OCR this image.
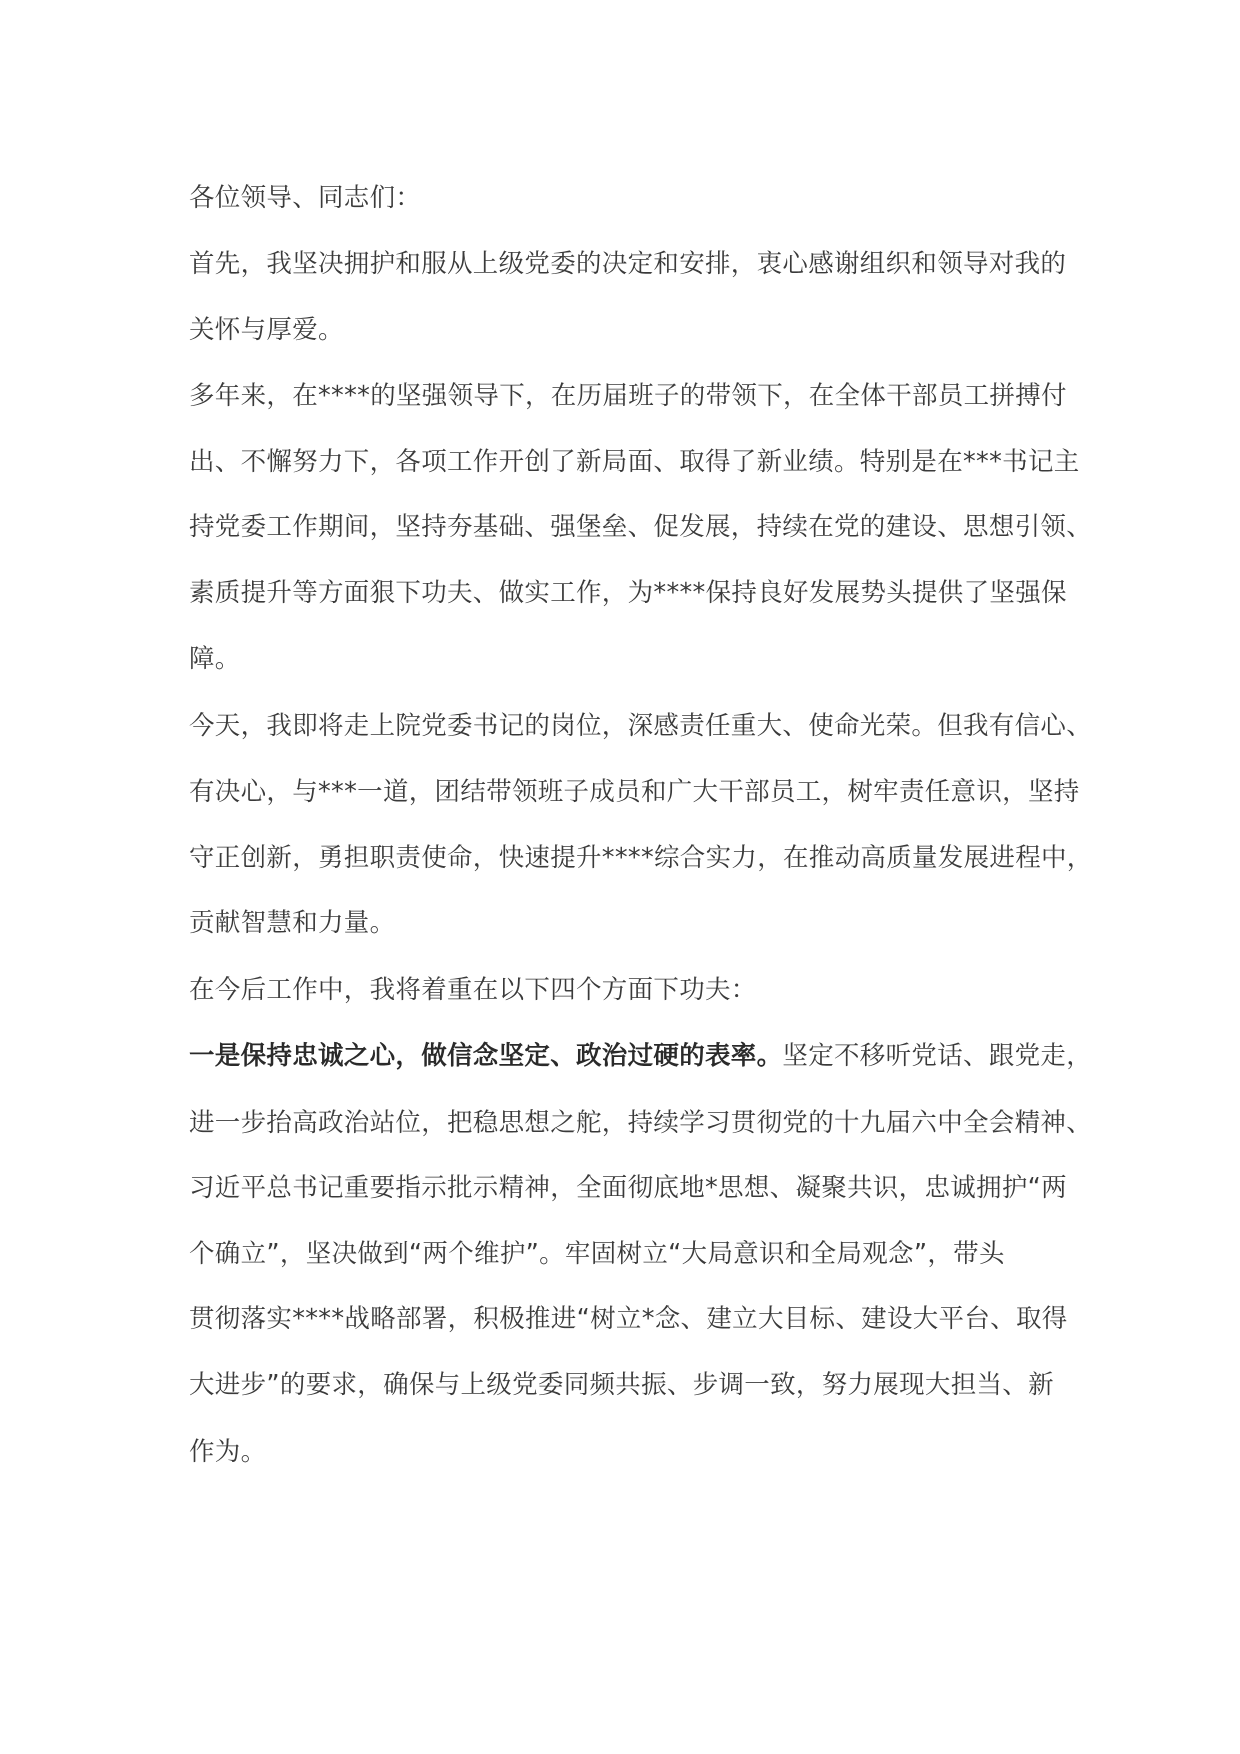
各位领导、同志们：
首先，我坚决拥护和服从上级党委的决定和安排，衷心感谢组织和领导对我的
关怀与厚爱。
多年来，在****的坚强领导下，在历届班子的带领下，在全体干部员工拼搏付
出、不懈努力下，各项工作开创了新局面、取得了新业绩。特别是在***书记主
持党委工作期间，坚持夯基础、强堡垒、促发展，持续在党的建设、思想引领、
素质提升等方面狠下功夫、做实工作，为****保持良好发展势头提供了坚强保
障。
今天，我即将走上院党委书记的岗位，深感责任重大、使命光荣。但我有信心、
有决心，与***一道，团结带领班子成员和广大干部员工，树牢责任意识，坚持
守正创新，勇担职责使命，快速提升****综合实力，在推动高质量发展进程中，
贡献智慧和力量。
在今后工作中，我将着重在以下四个方面下功夫：
一是保持忠诚之心，做信念坚定、政治过硬的表率。坚定不移听党话、跟党走，
进一步抬高政治站位，把稳思想之舵，持续学习贯彻党的十九届六中全会精神、
习近平总书记重要指示批示精神，全面彻底地*思想、凝聚共识，忠诚拥护“两
个确立”，坚决做到“两个维护”。牢固树立“大局意识和全局观念”，带头
贯彻落实****战略部署，积极推进“树立*念、建立大目标、建设大平台、取得
大进步”的要求，确保与上级党委同频共振、步调一致，努力展现大担当、新
作为。
